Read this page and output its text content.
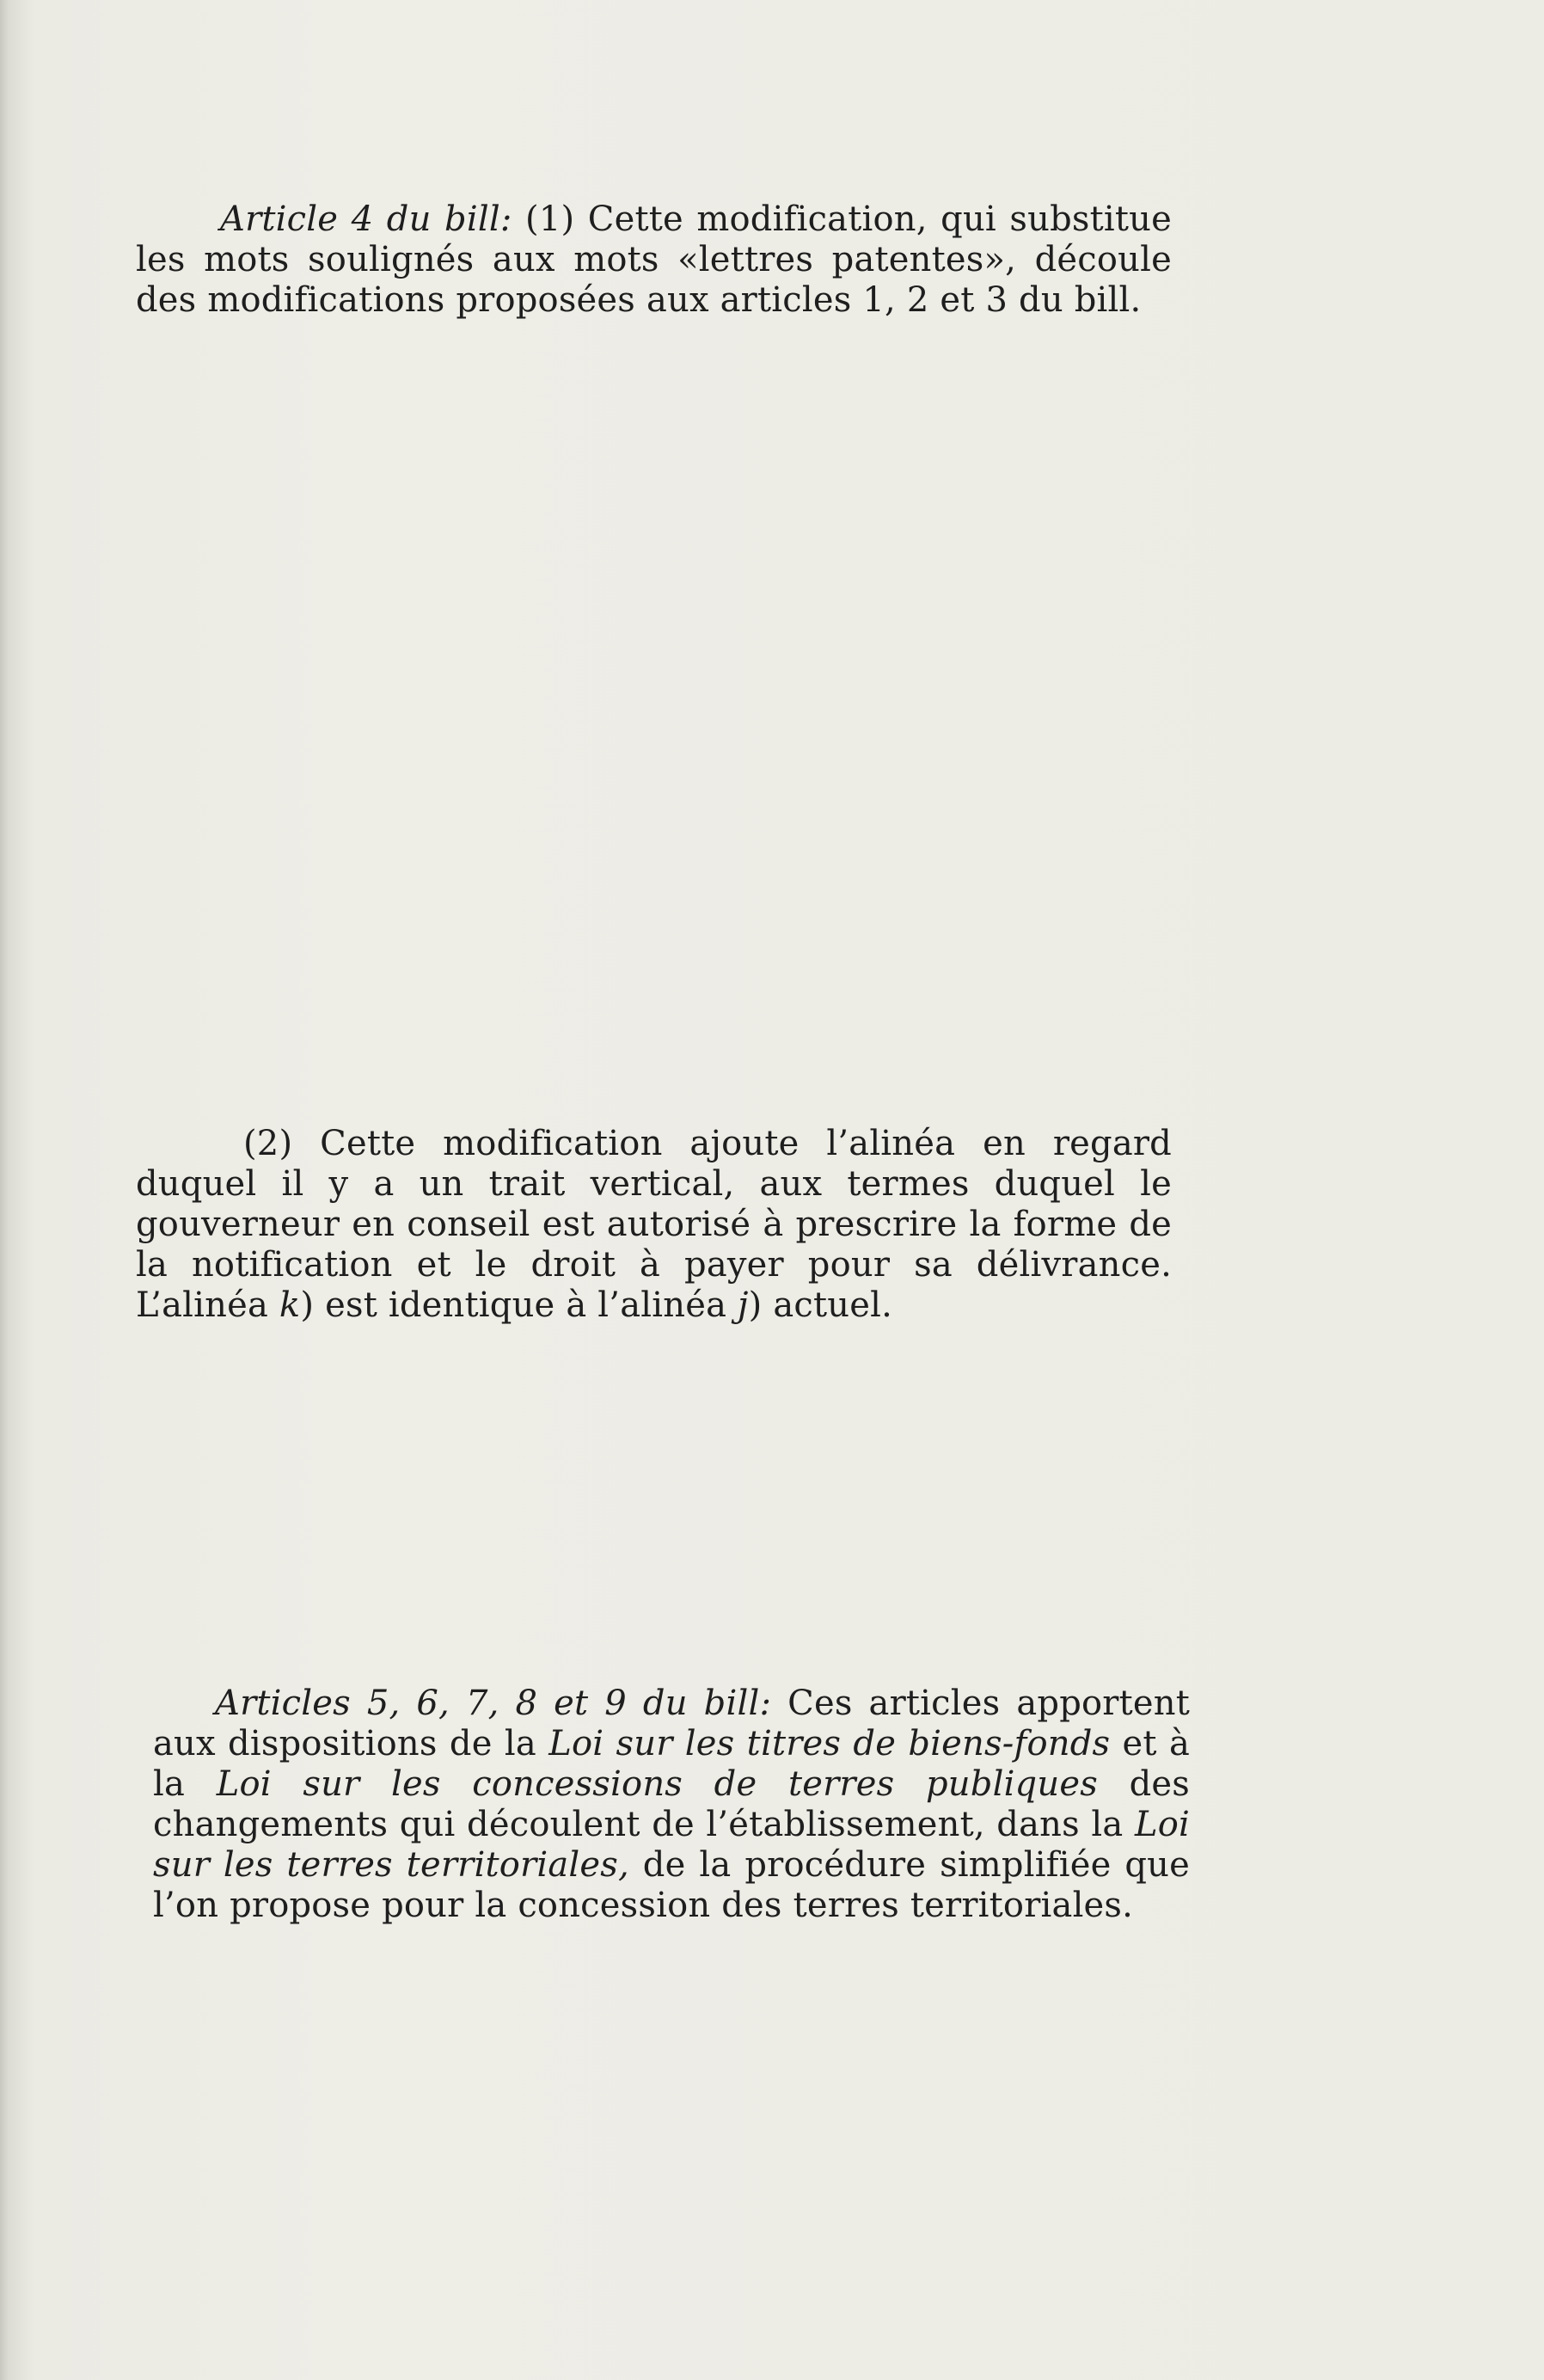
Article 4 du bill: (1) Cette modification, qui substitue les mots soulignés aux mots «lettres patentes», découle des modifications proposées aux articles 1, 2 et 3 du bill.
(2) Cette modification ajoute l’alinéa en regard duquel il y a un trait vertical, aux termes duquel le gouverneur en conseil est autorisé à prescrire la forme de la notification et le droit à payer pour sa délivrance. L’alinéa k) est identique à l’alinéa j) actuel.
Articles 5, 6, 7, 8 et 9 du bill: Ces articles apportent aux dispositions de la Loi sur les titres de biens-fonds et à la Loi sur les concessions de terres publiques des changements qui découlent de l’établissement, dans la Loi sur les terres territoriales, de la procédure simplifiée que l’on propose pour la concession des terres territoriales.
